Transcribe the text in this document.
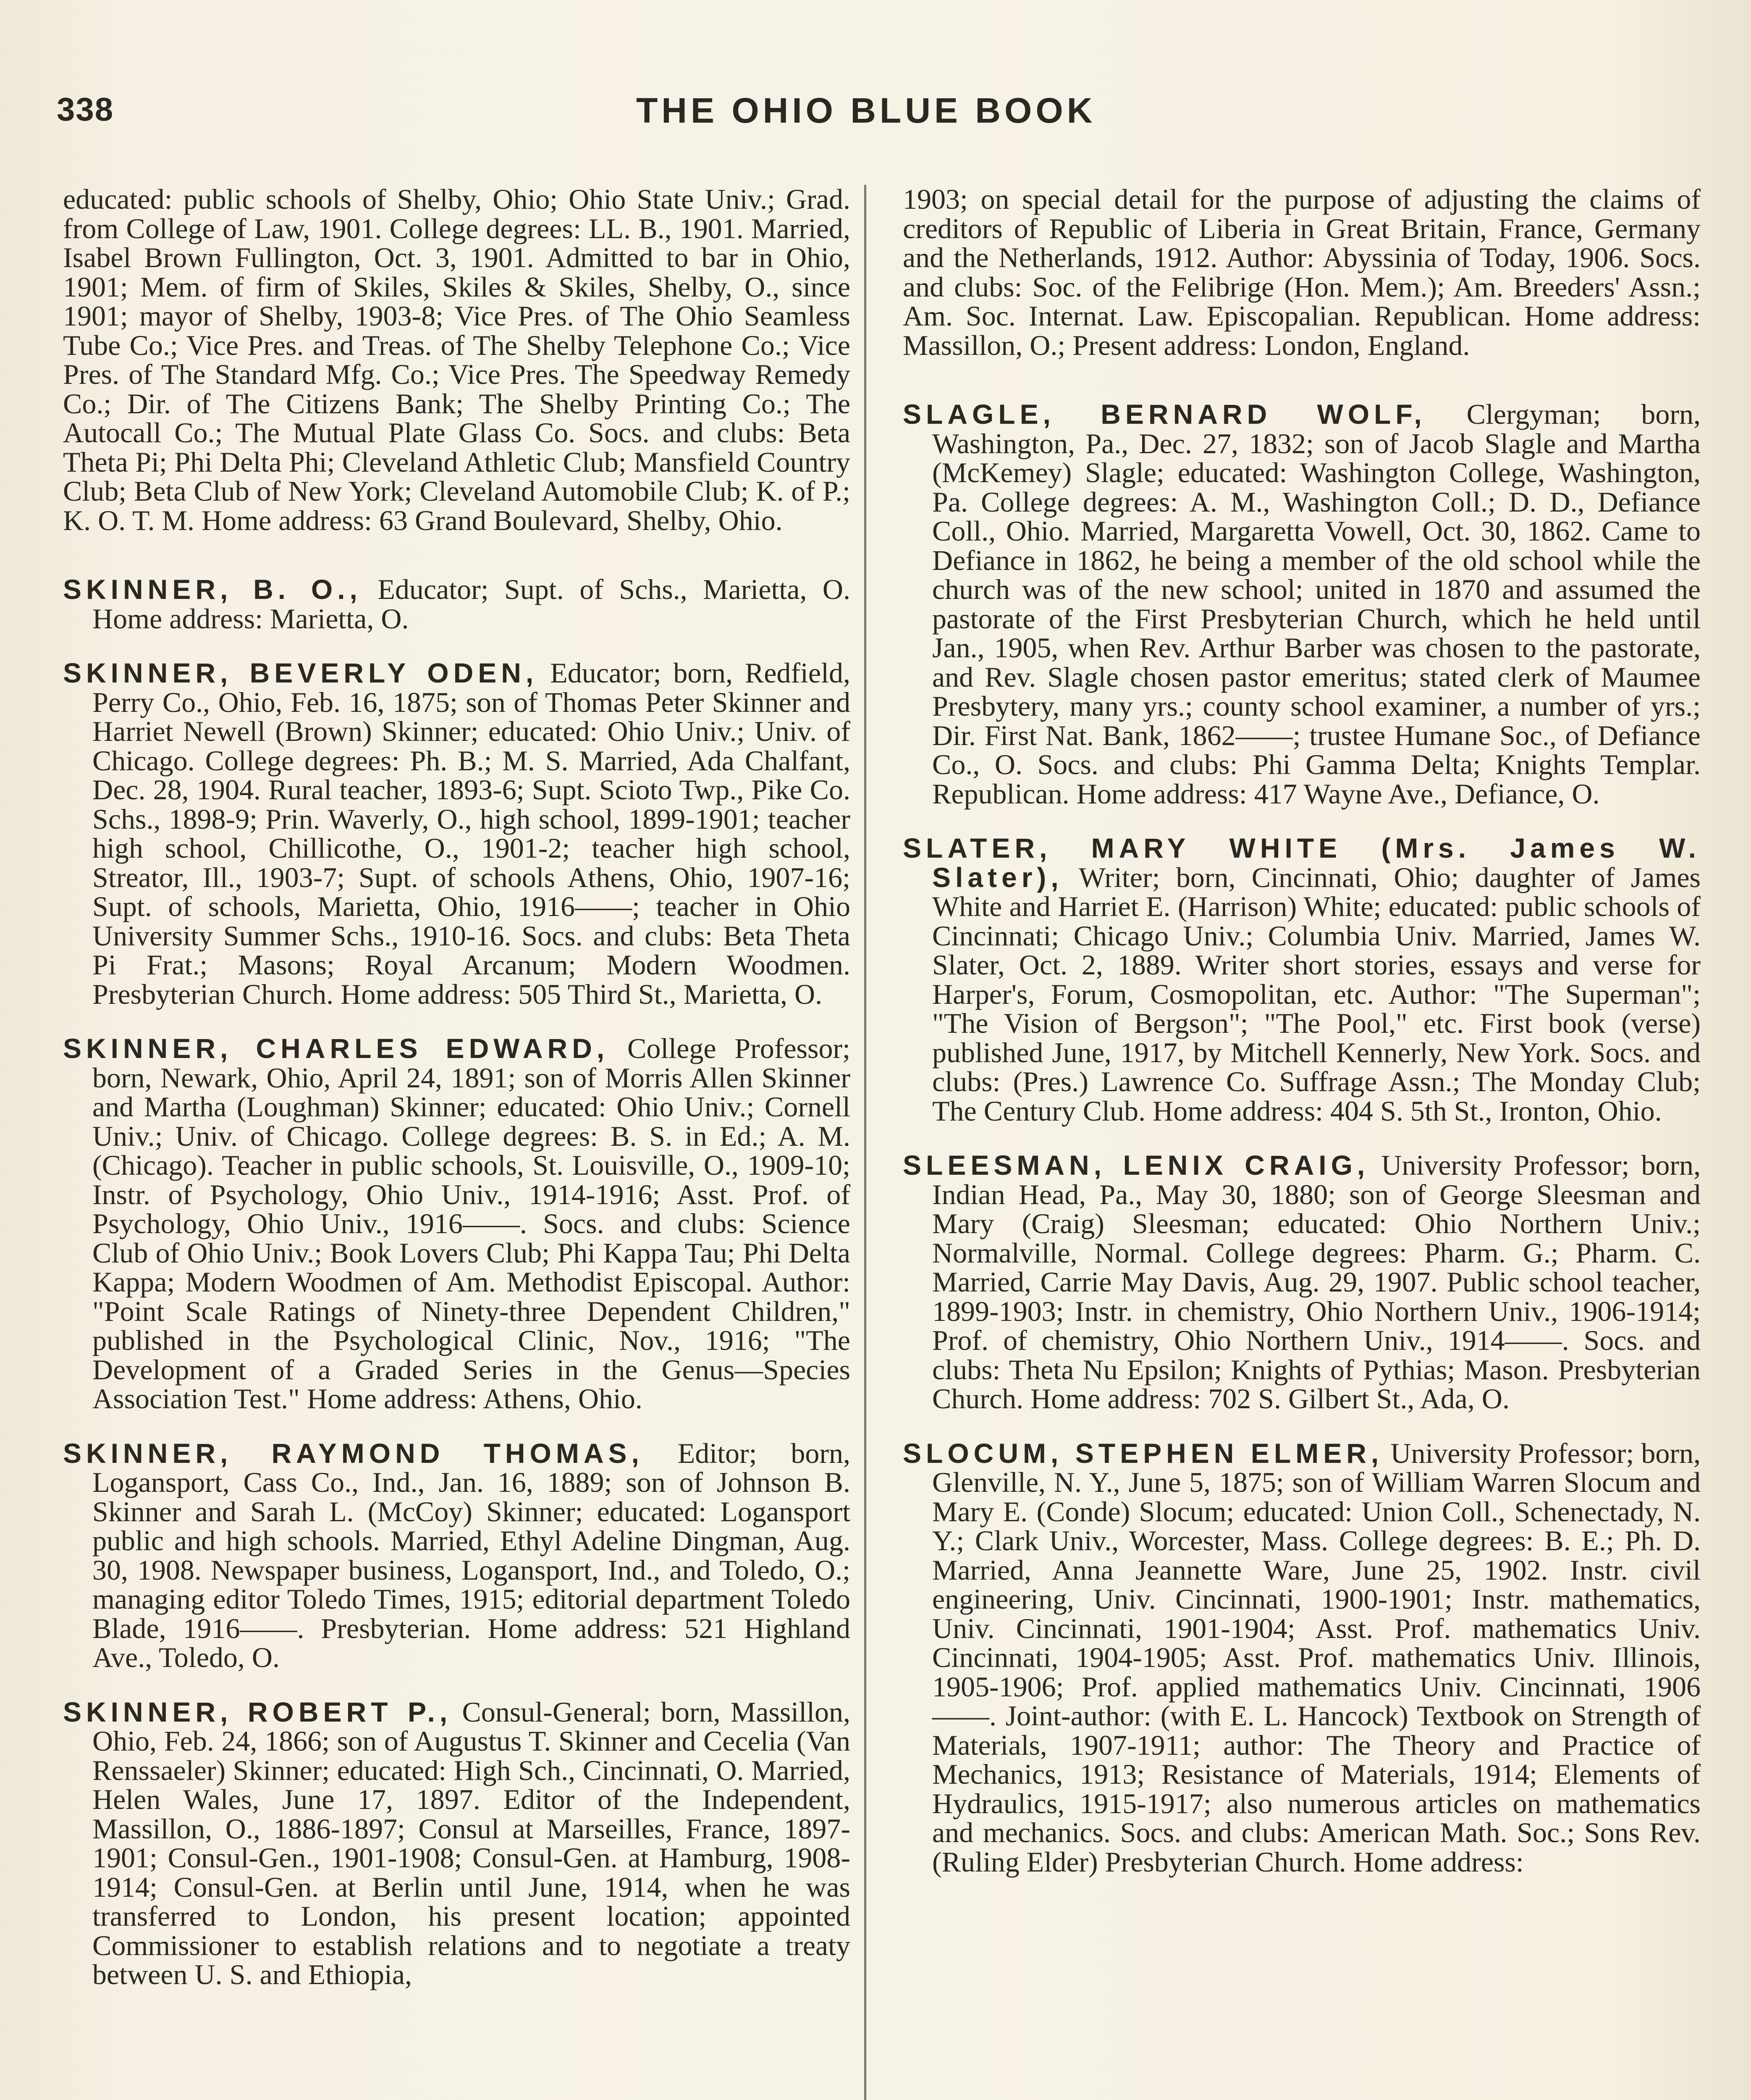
338	THE OHIO BLUE BOOK

educated: public schools of Shelby, Ohio; Ohio State Univ.; Grad. from College of Law, 1901. College degrees: LL. B., 1901. Married, Isabel Brown Fullington, Oct. 3, 1901. Admitted to bar in Ohio, 1901; Mem. of firm of Skiles, Skiles & Skiles, Shelby, O., since 1901; mayor of Shelby, 1903-8; Vice Pres. of The Ohio Seamless Tube Co.; Vice Pres. and Treas. of The Shelby Telephone Co.; Vice Pres. of The Standard Mfg. Co.; Vice Pres. The Speedway Remedy Co.; Dir. of The Citizens Bank; The Shelby Printing Co.; The Autocall Co.; The Mutual Plate Glass Co. Socs. and clubs: Beta Theta Pi; Phi Delta Phi; Cleveland Athletic Club; Mansfield Country Club; Beta Club of New York; Cleveland Automobile Club; K. of P.; K. O. T. M. Home address: 63 Grand Boulevard, Shelby, Ohio.

SKINNER, B. O., Educator; Supt. of Schs., Marietta, O. Home address: Marietta, O.

SKINNER, BEVERLY ODEN, Educator; born, Redfield, Perry Co., Ohio, Feb. 16, 1875; son of Thomas Peter Skinner and Harriet Newell (Brown) Skinner; educated: Ohio Univ.; Univ. of Chicago. College degrees: Ph. B.; M. S. Married, Ada Chalfant, Dec. 28, 1904. Rural teacher, 1893-6; Supt. Scioto Twp., Pike Co. Schs., 1898-9; Prin. Waverly, O., high school, 1899-1901; teacher high school, Chillicothe, O., 1901-2; teacher high school, Streator, Ill., 1903-7; Supt. of schools Athens, Ohio, 1907-16; Supt. of schools, Marietta, Ohio, 1916——; teacher in Ohio University Summer Schs., 1910-16. Socs. and clubs: Beta Theta Pi Frat.; Masons; Royal Arcanum; Modern Woodmen. Presbyterian Church. Home address: 505 Third St., Marietta, O.

SKINNER, CHARLES EDWARD, College Professor; born, Newark, Ohio, April 24, 1891; son of Morris Allen Skinner and Martha (Loughman) Skinner; educated: Ohio Univ.; Cornell Univ.; Univ. of Chicago. College degrees: B. S. in Ed.; A. M. (Chicago). Teacher in public schools, St. Louisville, O., 1909-10; Instr. of Psychology, Ohio Univ., 1914-1916; Asst. Prof. of Psychology, Ohio Univ., 1916——. Socs. and clubs: Science Club of Ohio Univ.; Book Lovers Club; Phi Kappa Tau; Phi Delta Kappa; Modern Woodmen of Am. Methodist Episcopal. Author: "Point Scale Ratings of Ninety-three Dependent Children," published in the Psychological Clinic, Nov., 1916; "The Development of a Graded Series in the Genus—Species Association Test." Home address: Athens, Ohio.

SKINNER, RAYMOND THOMAS, Editor; born, Logansport, Cass Co., Ind., Jan. 16, 1889; son of Johnson B. Skinner and Sarah L. (McCoy) Skinner; educated: Logansport public and high schools. Married, Ethyl Adeline Dingman, Aug. 30, 1908. Newspaper business, Logansport, Ind., and Toledo, O.; managing editor Toledo Times, 1915; editorial department Toledo Blade, 1916——. Presbyterian. Home address: 521 Highland Ave., Toledo, O.

SKINNER, ROBERT P., Consul-General; born, Massillon, Ohio, Feb. 24, 1866; son of Augustus T. Skinner and Cecelia (Van Renssaeler) Skinner; educated: High Sch., Cincinnati, O. Married, Helen Wales, June 17, 1897. Editor of the Independent, Massillon, O., 1886-1897; Consul at Marseilles, France, 1897-1901; Consul-Gen., 1901-1908; Consul-Gen. at Hamburg, 1908-1914; Consul-Gen. at Berlin until June, 1914, when he was transferred to London, his present location; appointed Commissioner to establish relations and to negotiate a treaty between U. S. and Ethiopia,

1903; on special detail for the purpose of adjusting the claims of creditors of Republic of Liberia in Great Britain, France, Germany and the Netherlands, 1912. Author: Abyssinia of Today, 1906. Socs. and clubs: Soc. of the Felibrige (Hon. Mem.); Am. Breeders' Assn.; Am. Soc. Internat. Law. Episcopalian. Republican. Home address: Massillon, O.; Present address: London, England.

SLAGLE, BERNARD WOLF, Clergyman; born, Washington, Pa., Dec. 27, 1832; son of Jacob Slagle and Martha (McKemey) Slagle; educated: Washington College, Washington, Pa. College degrees: A. M., Washington Coll.; D. D., Defiance Coll., Ohio. Married, Margaretta Vowell, Oct. 30, 1862. Came to Defiance in 1862, he being a member of the old school while the church was of the new school; united in 1870 and assumed the pastorate of the First Presbyterian Church, which he held until Jan., 1905, when Rev. Arthur Barber was chosen to the pastorate, and Rev. Slagle chosen pastor emeritus; stated clerk of Maumee Presbytery, many yrs.; county school examiner, a number of yrs.; Dir. First Nat. Bank, 1862——; trustee Humane Soc., of Defiance Co., O. Socs. and clubs: Phi Gamma Delta; Knights Templar. Republican. Home address: 417 Wayne Ave., Defiance, O.

SLATER, MARY WHITE (Mrs. James W. Slater), Writer; born, Cincinnati, Ohio; daughter of James White and Harriet E. (Harrison) White; educated: public schools of Cincinnati; Chicago Univ.; Columbia Univ. Married, James W. Slater, Oct. 2, 1889. Writer short stories, essays and verse for Harper's, Forum, Cosmopolitan, etc. Author: "The Superman"; "The Vision of Bergson"; "The Pool," etc. First book (verse) published June, 1917, by Mitchell Kennerly, New York. Socs. and clubs: (Pres.) Lawrence Co. Suffrage Assn.; The Monday Club; The Century Club. Home address: 404 S. 5th St., Ironton, Ohio.

SLEESMAN, LENIX CRAIG, University Professor; born, Indian Head, Pa., May 30, 1880; son of George Sleesman and Mary (Craig) Sleesman; educated: Ohio Northern Univ.; Normalville, Normal. College degrees: Pharm. G.; Pharm. C. Married, Carrie May Davis, Aug. 29, 1907. Public school teacher, 1899-1903; Instr. in chemistry, Ohio Northern Univ., 1906-1914; Prof. of chemistry, Ohio Northern Univ., 1914——. Socs. and clubs: Theta Nu Epsilon; Knights of Pythias; Mason. Presbyterian Church. Home address: 702 S. Gilbert St., Ada, O.

SLOCUM, STEPHEN ELMER, University Professor; born, Glenville, N. Y., June 5, 1875; son of William Warren Slocum and Mary E. (Conde) Slocum; educated: Union Coll., Schenectady, N. Y.; Clark Univ., Worcester, Mass. College degrees: B. E.; Ph. D. Married, Anna Jeannette Ware, June 25, 1902. Instr. civil engineering, Univ. Cincinnati, 1900-1901; Instr. mathematics, Univ. Cincinnati, 1901-1904; Asst. Prof. mathematics Univ. Cincinnati, 1904-1905; Asst. Prof. mathematics Univ. Illinois, 1905-1906; Prof. applied mathematics Univ. Cincinnati, 1906——. Joint-author: (with E. L. Hancock) Textbook on Strength of Materials, 1907-1911; author: The Theory and Practice of Mechanics, 1913; Resistance of Materials, 1914; Elements of Hydraulics, 1915-1917; also numerous articles on mathematics and mechanics. Socs. and clubs: American Math. Soc.; Sons Rev. (Ruling Elder) Presbyterian Church. Home address:
